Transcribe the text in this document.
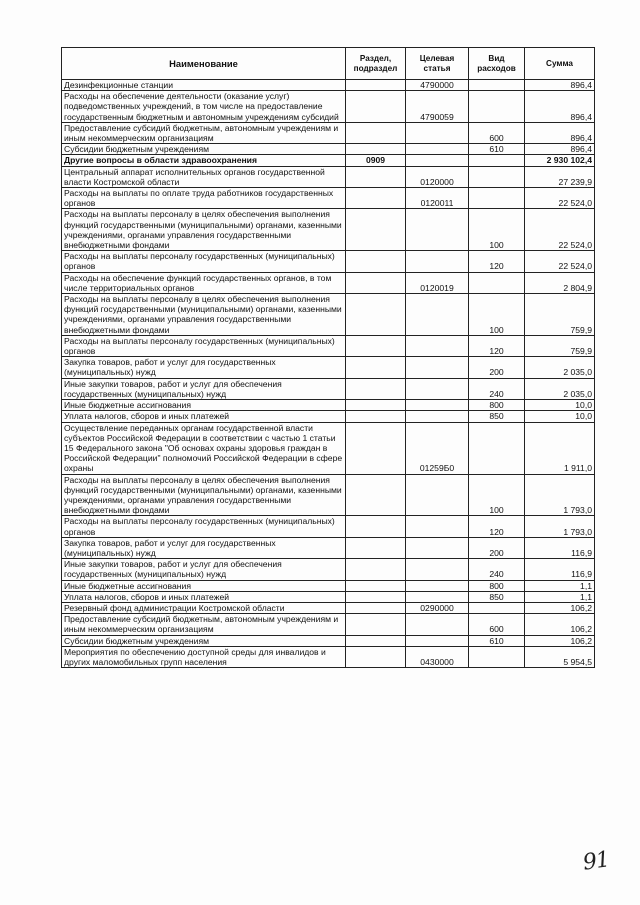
Наименование	Раздел, подраздел	Целевая статья	Вид расходов	Сумма
Дезинфекционные станции		4790000		896,4
Расходы на обеспечение деятельности (оказание услуг) подведомственных учреждений, в том числе на предоставление государственным бюджетным и автономным учреждениям субсидий		4790059		896,4
Предоставление субсидий бюджетным, автономным учреждениям и иным некоммерческим организациям			600	896,4
Субсидии бюджетным учреждениям			610	896,4
Другие вопросы в области здравоохранения	0909			2 930 102,4
Центральный аппарат исполнительных органов государственной власти Костромской области		0120000		27 239,9
Расходы на выплаты по оплате труда работников государственных органов		0120011		22 524,0
Расходы на выплаты персоналу в целях обеспечения выполнения функций государственными (муниципальными) органами, казенными учреждениями, органами управления государственными внебюджетными фондами			100	22 524,0
Расходы на выплаты персоналу государственных (муниципальных) органов			120	22 524,0
Расходы на обеспечение функций государственных органов, в том числе территориальных органов		0120019		2 804,9
Расходы на выплаты персоналу в целях обеспечения выполнения функций государственными (муниципальными) органами, казенными учреждениями, органами управления государственными внебюджетными фондами			100	759,9
Расходы на выплаты персоналу государственных (муниципальных) органов			120	759,9
Закупка товаров, работ и услуг для государственных (муниципальных) нужд			200	2 035,0
Иные закупки товаров, работ и услуг для обеспечения государственных (муниципальных) нужд			240	2 035,0
Иные бюджетные ассигнования			800	10,0
Уплата налогов, сборов и иных платежей			850	10,0
Осуществление переданных органам государственной власти субъектов Российской Федерации в соответствии с частью 1 статьи 15 Федерального закона "Об основах охраны здоровья граждан в Российской Федерации" полномочий Российской Федерации в сфере охраны		01259Б0		1 911,0
Расходы на выплаты персоналу в целях обеспечения выполнения функций государственными (муниципальными) органами, казенными учреждениями, органами управления государственными внебюджетными фондами			100	1 793,0
Расходы на выплаты персоналу государственных (муниципальных) органов			120	1 793,0
Закупка товаров, работ и услуг для государственных (муниципальных) нужд			200	116,9
Иные закупки товаров, работ и услуг для обеспечения государственных (муниципальных) нужд			240	116,9
Иные бюджетные ассигнования			800	1,1
Уплата налогов, сборов и иных платежей			850	1,1
Резервный фонд администрации Костромской области		0290000		106,2
Предоставление субсидий бюджетным, автономным учреждениям и иным некоммерческим организациям			600	106,2
Субсидии бюджетным учреждениям			610	106,2
Мероприятия по обеспечению доступной среды для инвалидов и других маломобильных групп населения		0430000		5 954,5
91
